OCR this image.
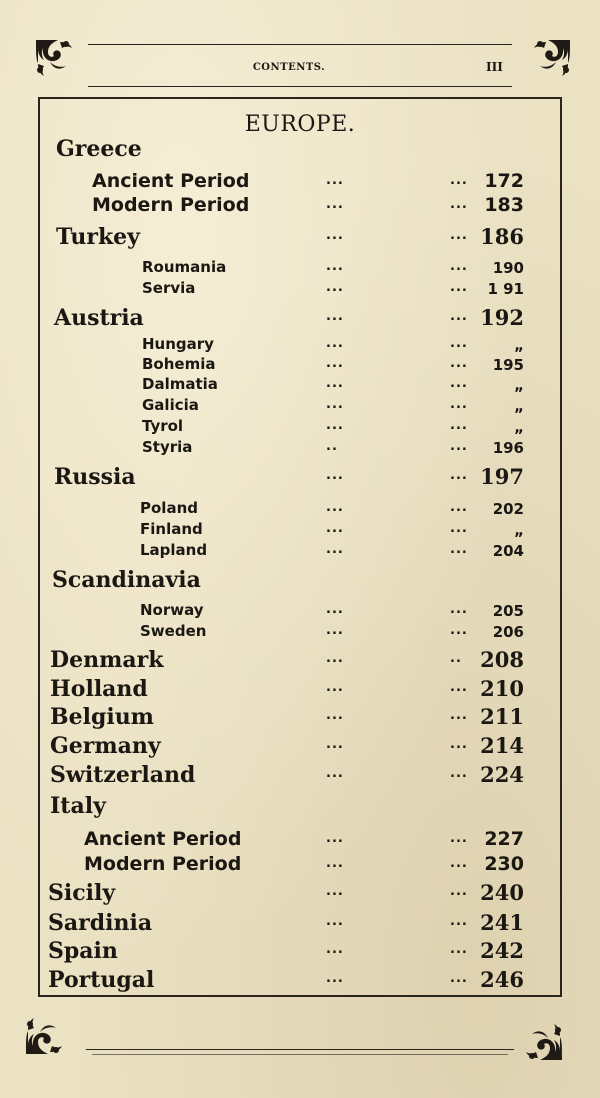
CONTENTS.	III
EUROPE.
Greece
Ancient Period	...	... 172
Modern Period	...	... 183
Turkey	...	... 186
Roumania	...	...	190
Servia	...	...	1 91
Austria	...	... 192
Hungary	...	...	„
Bohemia	...	...	195
Dalmatia	...	...	„
Galicia	...	...	„
Tyrol	...	...	„
Styria	..	...	196
Russia	...	... 197
Poland	...	...	202
Finland	...	...	„
Lapland	...	...	204
Scandinavia
Norway	...	...	205
Sweden	...	...	206
Denmark	...	.. 208
Holland	...	... 210
Belgium	...	... 211
Germany	...	... 214
Switzerland	...	... 224
Italy
Ancient Period	...	... 227
Modern Period	...	... 230
Sicily	...	... 240
Sardinia	...	... 241
Spain	...	... 242
Portugal	...	... 246
